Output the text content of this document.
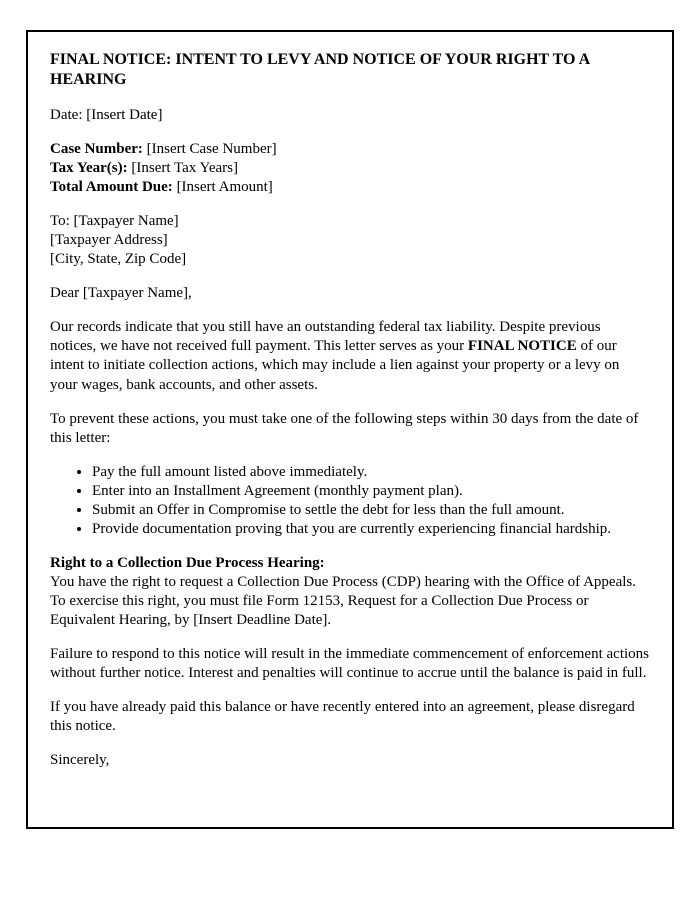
FINAL NOTICE: INTENT TO LEVY AND NOTICE OF YOUR RIGHT TO A HEARING

Date: [Insert Date]

Case Number: [Insert Case Number]
Tax Year(s): [Insert Tax Years]
Total Amount Due: [Insert Amount]
To: [Taxpayer Name]
[Taxpayer Address]
[City, State, Zip Code]

Dear [Taxpayer Name],

Our records indicate that you still have an outstanding federal tax liability. Despite previous notices, we have not received full payment. This letter serves as your FINAL NOTICE of our intent to initiate collection actions, which may include a lien against your property or a levy on your wages, bank accounts, and other assets.

To prevent these actions, you must take one of the following steps within 30 days from the date of this letter:

• Pay the full amount listed above immediately.
• Enter into an Installment Agreement (monthly payment plan).
• Submit an Offer in Compromise to settle the debt for less than the full amount.
• Provide documentation proving that you are currently experiencing financial hardship.
Right to a Collection Due Process Hearing:
You have the right to request a Collection Due Process (CDP) hearing with the Office of Appeals. To exercise this right, you must file Form 12153, Request for a Collection Due Process or Equivalent Hearing, by [Insert Deadline Date].

Failure to respond to this notice will result in the immediate commencement of enforcement actions without further notice. Interest and penalties will continue to accrue until the balance is paid in full.

If you have already paid this balance or have recently entered into an agreement, please disregard this notice.

Sincerely,
